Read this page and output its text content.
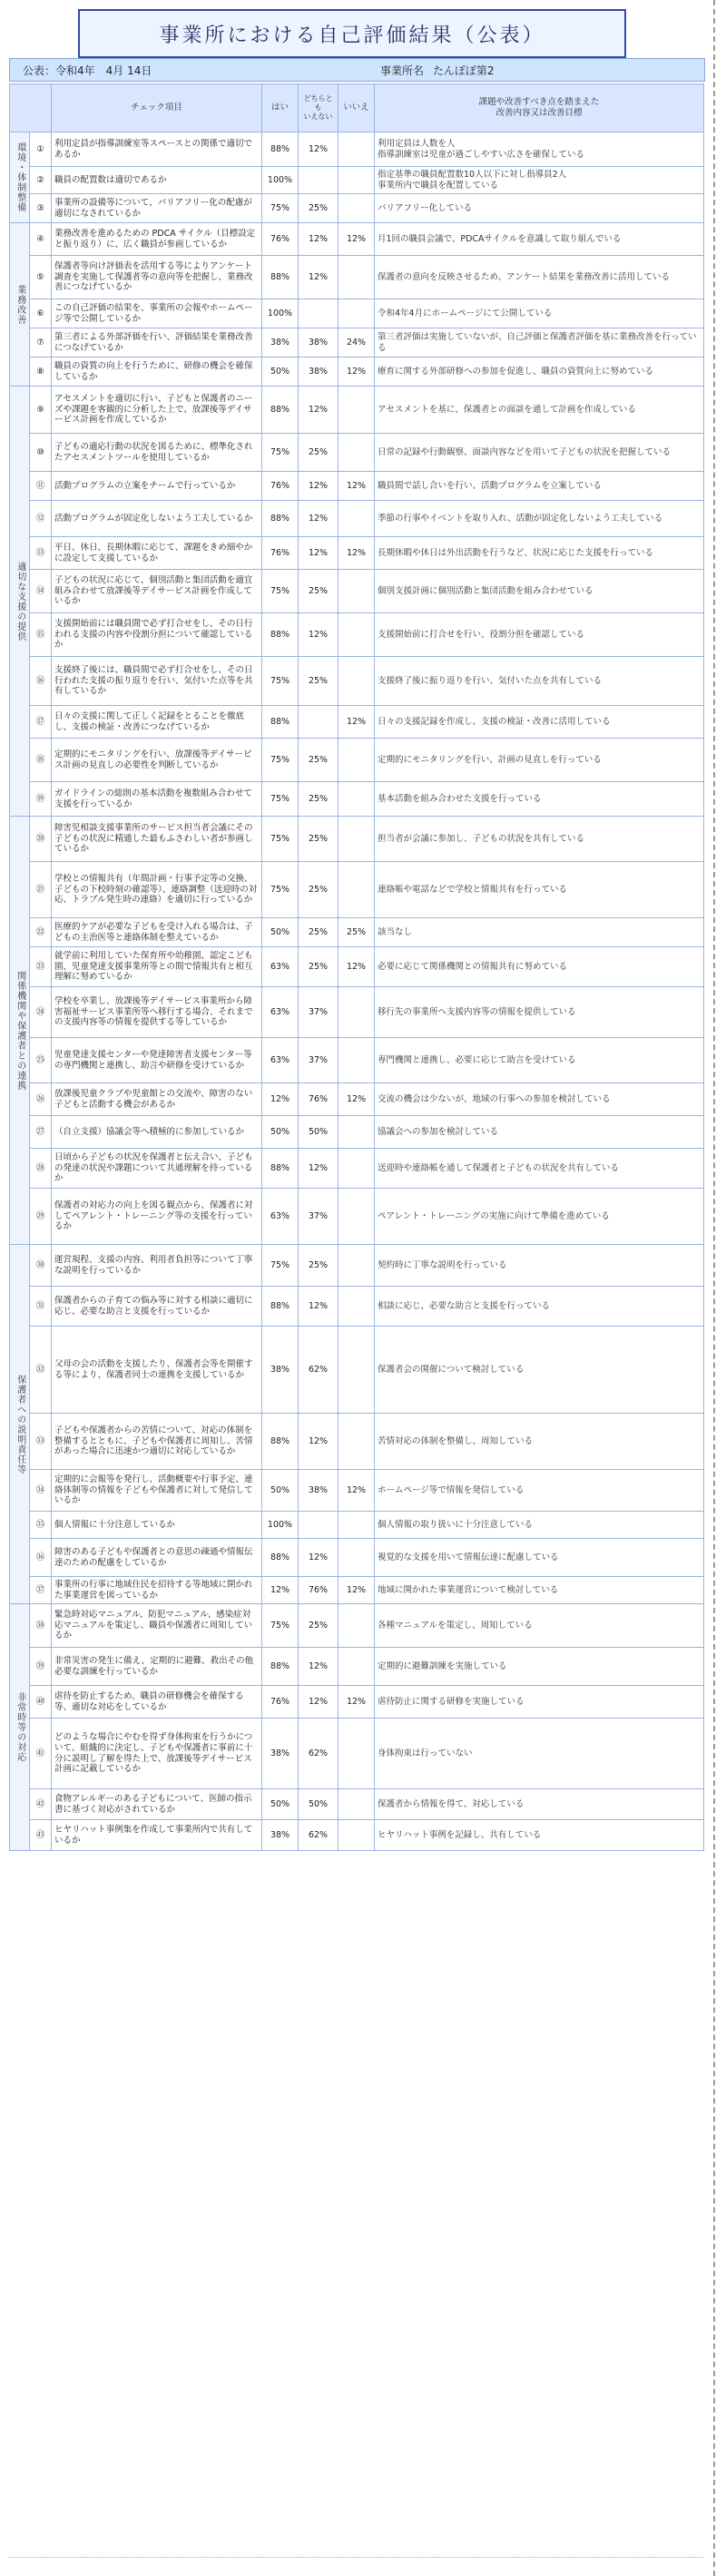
事業所における自己評価結果（公表）
公表：令和4年　4月 14日	事業所名 たんぽぽ第2
		チェック項目	はい	どちらとも
いえない	いいえ	課題や改善すべき点を踏まえた
改善内容又は改善目標

環境・体制整備	①	利用定員が指導訓練室等スペースとの関係で適切であるか	88%	12%		利用定員は人数を人
指導訓練室は児童が過ごしやすい広さを確保している
	②	職員の配置数は適切であるか	100%			指定基準の職員配置数10人以下に対し指導員2人
事業所内で職員を配置している
	③	事業所の設備等について、バリアフリー化の配慮が適切になされているか	75%	25%		バリアフリー化している

業務改善	④	業務改善を進めるための PDCA サイクル（目標設定と振り返り）に、広く職員が参画しているか	76%	12%	12%	月1回の職員会議で、PDCAサイクルを意識して取り組んでいる
	⑤	保護者等向け評価表を活用する等によりアンケート調査を実施して保護者等の意向等を把握し、業務改善につなげているか	88%	12%		保護者の意向を反映させるため、アンケート結果を業務改善に活用している
	⑥	この自己評価の結果を、事業所の会報やホームページ等で公開しているか	100%			令和4年4月にホームページにて公開している
	⑦	第三者による外部評価を行い、評価結果を業務改善につなげているか	38%	38%	24%	第三者評価は実施していないが、自己評価と保護者評価を基に業務改善を行っている
	⑧	職員の資質の向上を行うために、研修の機会を確保しているか	50%	38%	12%	療育に関する外部研修への参加を促進し、職員の資質向上に努めている

適切な支援の提供	⑨	アセスメントを適切に行い、子どもと保護者のニーズや課題を客観的に分析した上で、放課後等デイサービス計画を作成しているか	88%	12%		アセスメントを基に、保護者との面談を通して計画を作成している
	⑩	子どもの適応行動の状況を図るために、標準化されたアセスメントツールを使用しているか	75%	25%		日常の記録や行動観察、面談内容などを用いて子どもの状況を把握している
	⑪	活動プログラムの立案をチームで行っているか	76%	12%	12%	職員間で話し合いを行い、活動プログラムを立案している
	⑫	活動プログラムが固定化しないよう工夫しているか	88%	12%		季節の行事やイベントを取り入れ、活動が固定化しないよう工夫している
	⑬	平日、休日、長期休暇に応じて、課題をきめ細やかに設定して支援しているか	76%	12%	12%	長期休暇や休日は外出活動を行うなど、状況に応じた支援を行っている
	⑭	子どもの状況に応じて、個別活動と集団活動を適宜組み合わせて放課後等デイサービス計画を作成しているか	75%	25%		個別支援計画に個別活動と集団活動を組み合わせている
	⑮	支援開始前には職員間で必ず打合せをし、その日行われる支援の内容や役割分担について確認しているか	88%	12%		支援開始前に打合せを行い、役割分担を確認している
	⑯	支援終了後には、職員間で必ず打合せをし、その日行われた支援の振り返りを行い、気付いた点等を共有しているか	75%	25%		支援終了後に振り返りを行い、気付いた点を共有している
	⑰	日々の支援に関して正しく記録をとることを徹底し、支援の検証・改善につなげているか	88%		12%	日々の支援記録を作成し、支援の検証・改善に活用している
	⑱	定期的にモニタリングを行い、放課後等デイサービス計画の見直しの必要性を判断しているか	75%	25%		定期的にモニタリングを行い、計画の見直しを行っている
	⑲	ガイドラインの総則の基本活動を複数組み合わせて支援を行っているか	75%	25%		基本活動を組み合わせた支援を行っている

関係機関や保護者との連携	⑳	障害児相談支援事業所のサービス担当者会議にその子どもの状況に精通した最もふさわしい者が参画しているか	75%	25%		担当者が会議に参加し、子どもの状況を共有している
	㉑	学校との情報共有（年間計画・行事予定等の交換、子どもの下校時刻の確認等）、連絡調整（送迎時の対応、トラブル発生時の連絡）を適切に行っているか	75%	25%		連絡帳や電話などで学校と情報共有を行っている
	㉒	医療的ケアが必要な子どもを受け入れる場合は、子どもの主治医等と連絡体制を整えているか	50%	25%	25%	該当なし
	㉓	就学前に利用していた保育所や幼稚園、認定こども園、児童発達支援事業所等との間で情報共有と相互理解に努めているか	63%	25%	12%	必要に応じて関係機関との情報共有に努めている
	㉔	学校を卒業し、放課後等デイサービス事業所から障害福祉サービス事業所等へ移行する場合、それまでの支援内容等の情報を提供する等しているか	63%	37%		移行先の事業所へ支援内容等の情報を提供している
	㉕	児童発達支援センターや発達障害者支援センター等の専門機関と連携し、助言や研修を受けているか	63%	37%		専門機関と連携し、必要に応じて助言を受けている
	㉖	放課後児童クラブや児童館との交流や、障害のない子どもと活動する機会があるか	12%	76%	12%	交流の機会は少ないが、地域の行事への参加を検討している
	㉗	（自立支援）協議会等へ積極的に参加しているか	50%	50%		協議会への参加を検討している
	㉘	日頃から子どもの状況を保護者と伝え合い、子どもの発達の状況や課題について共通理解を持っているか	88%	12%		送迎時や連絡帳を通して保護者と子どもの状況を共有している
	㉙	保護者の対応力の向上を図る観点から、保護者に対してペアレント・トレーニング等の支援を行っているか	63%	37%		ペアレント・トレーニングの実施に向けて準備を進めている

保護者への説明責任等	㉚	運営規程、支援の内容、利用者負担等について丁寧な説明を行っているか	75%	25%		契約時に丁寧な説明を行っている
	㉛	保護者からの子育ての悩み等に対する相談に適切に応じ、必要な助言と支援を行っているか	88%	12%		相談に応じ、必要な助言と支援を行っている
	㉜	父母の会の活動を支援したり、保護者会等を開催する等により、保護者同士の連携を支援しているか	38%	62%		保護者会の開催について検討している
	㉝	子どもや保護者からの苦情について、対応の体制を整備するとともに、子どもや保護者に周知し、苦情があった場合に迅速かつ適切に対応しているか	88%	12%		苦情対応の体制を整備し、周知している
	㉞	定期的に会報等を発行し、活動概要や行事予定、連絡体制等の情報を子どもや保護者に対して発信しているか	50%	38%	12%	ホームページ等で情報を発信している
	㉟	個人情報に十分注意しているか	100%			個人情報の取り扱いに十分注意している
	㊱	障害のある子どもや保護者との意思の疎通や情報伝達のための配慮をしているか	88%	12%		視覚的な支援を用いて情報伝達に配慮している
	㊲	事業所の行事に地域住民を招待する等地域に開かれた事業運営を図っているか	12%	76%	12%	地域に開かれた事業運営について検討している

非常時等の対応	㊳	緊急時対応マニュアル、防犯マニュアル、感染症対応マニュアルを策定し、職員や保護者に周知しているか	75%	25%		各種マニュアルを策定し、周知している
	㊴	非常災害の発生に備え、定期的に避難、救出その他必要な訓練を行っているか	88%	12%		定期的に避難訓練を実施している
	㊵	虐待を防止するため、職員の研修機会を確保する等、適切な対応をしているか	76%	12%	12%	虐待防止に関する研修を実施している
	㊶	どのような場合にやむを得ず身体拘束を行うかについて、組織的に決定し、子どもや保護者に事前に十分に説明し了解を得た上で、放課後等デイサービス計画に記載しているか	38%	62%		身体拘束は行っていない
	㊷	食物アレルギーのある子どもについて、医師の指示書に基づく対応がされているか	50%	50%		保護者から情報を得て、対応している
	㊸	ヒヤリハット事例集を作成して事業所内で共有しているか	38%	62%		ヒヤリハット事例を記録し、共有している
